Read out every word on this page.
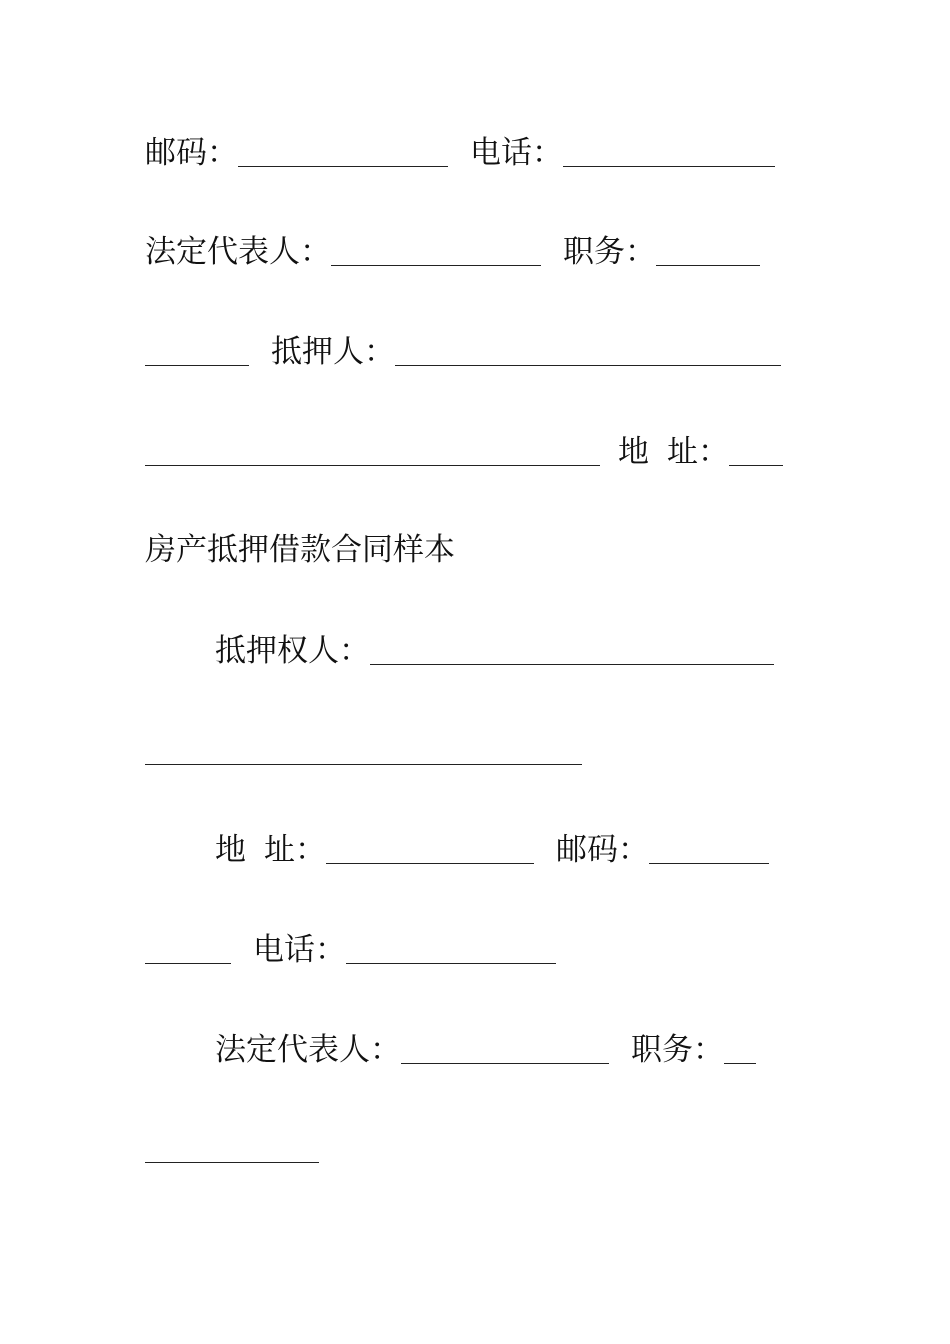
邮码：	电话：
法定代表人：	职务：
抵押人：
地 址：
房产抵押借款合同样本
抵押权人：
地 址：	邮码：
电话：
法定代表人：	职务：
